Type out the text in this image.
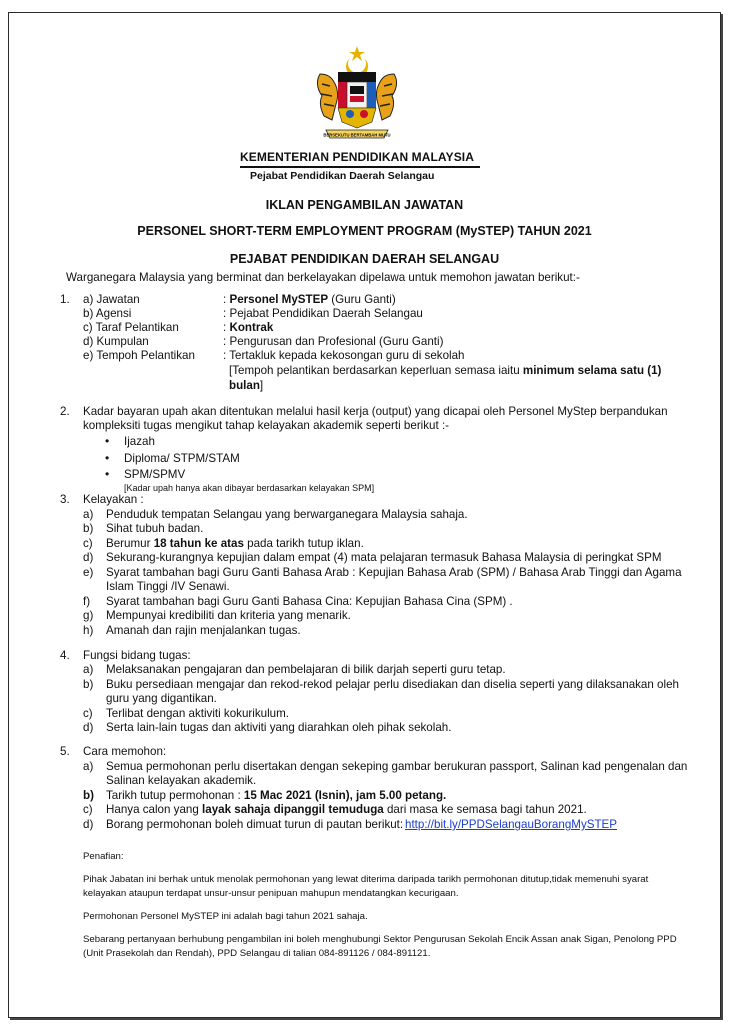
BERSEKUTU BERTAMBAH MUTU
KEMENTERIAN PENDIDIKAN MALAYSIA
Pejabat Pendidikan Daerah Selangau
IKLAN PENGAMBILAN JAWATAN
PERSONEL SHORT-TERM EMPLOYMENT PROGRAM (MySTEP) TAHUN 2021
PEJABAT PENDIDIKAN DAERAH SELANGAU
Warganegara Malaysia yang berminat dan berkelayakan dipelawa untuk memohon jawatan berikut:-
1. a) Jawatan	: Personel MySTEP (Guru Ganti)
b) Agensi	: Pejabat Pendidikan Daerah Selangau
c) Taraf Pelantikan	: Kontrak
d) Kumpulan	: Pengurusan dan Profesional (Guru Ganti)
e) Tempoh Pelantikan : Tertakluk kepada kekosongan guru di sekolah
[Tempoh pelantikan berdasarkan keperluan semasa iaitu minimum selama satu (1)
bulan]
2. Kadar bayaran upah akan ditentukan melalui hasil kerja (output) yang dicapai oleh Personel MyStep berpandukan
kompleksiti tugas mengikut tahap kelayakan akademik seperti berikut :-
• Ijazah
• Diploma/ STPM/STAM
• SPM/SPMV
[Kadar upah hanya akan dibayar berdasarkan kelayakan SPM]
3. Kelayakan :
a) Penduduk tempatan Selangau yang berwarganegara Malaysia sahaja.
b) Sihat tubuh badan.
c) Berumur 18 tahun ke atas pada tarikh tutup iklan.
d) Sekurang-kurangnya kepujian dalam empat (4) mata pelajaran termasuk Bahasa Malaysia di peringkat SPM
e) Syarat tambahan bagi Guru Ganti Bahasa Arab : Kepujian Bahasa Arab (SPM) / Bahasa Arab Tinggi dan Agama
Islam Tinggi /IV Senawi.
f) Syarat tambahan bagi Guru Ganti Bahasa Cina: Kepujian Bahasa Cina (SPM) .
g) Mempunyai kredibiliti dan kriteria yang menarik.
h) Amanah dan rajin menjalankan tugas.
4. Fungsi bidang tugas:
a) Melaksanakan pengajaran dan pembelajaran di bilik darjah seperti guru tetap.
b) Buku persediaan mengajar dan rekod-rekod pelajar perlu disediakan dan diselia seperti yang dilaksanakan oleh
guru yang digantikan.
c) Terlibat dengan aktiviti kokurikulum.
d) Serta lain-lain tugas dan aktiviti yang diarahkan oleh pihak sekolah.
5. Cara memohon:
a) Semua permohonan perlu disertakan dengan sekeping gambar berukuran passport, Salinan kad pengenalan dan
Salinan kelayakan akademik.
b) Tarikh tutup permohonan : 15 Mac 2021 (Isnin), jam 5.00 petang.
c) Hanya calon yang layak sahaja dipanggil temuduga dari masa ke semasa bagi tahun 2021.
d) Borang permohonan boleh dimuat turun di pautan berikut: http://bit.ly/PPDSelangauBorangMySTEP
Penafian:
Pihak Jabatan ini berhak untuk menolak permohonan yang lewat diterima daripada tarikh permohonan ditutup,tidak memenuhi syarat
kelayakan ataupun terdapat unsur-unsur penipuan mahupun mendatangkan kecurigaan.
Permohonan Personel MySTEP ini adalah bagi tahun 2021 sahaja.
Sebarang pertanyaan berhubung pengambilan ini boleh menghubungi Sektor Pengurusan Sekolah Encik Assan anak Sigan, Penolong PPD
(Unit Prasekolah dan Rendah), PPD Selangau di talian 084-891126 / 084-891121.
